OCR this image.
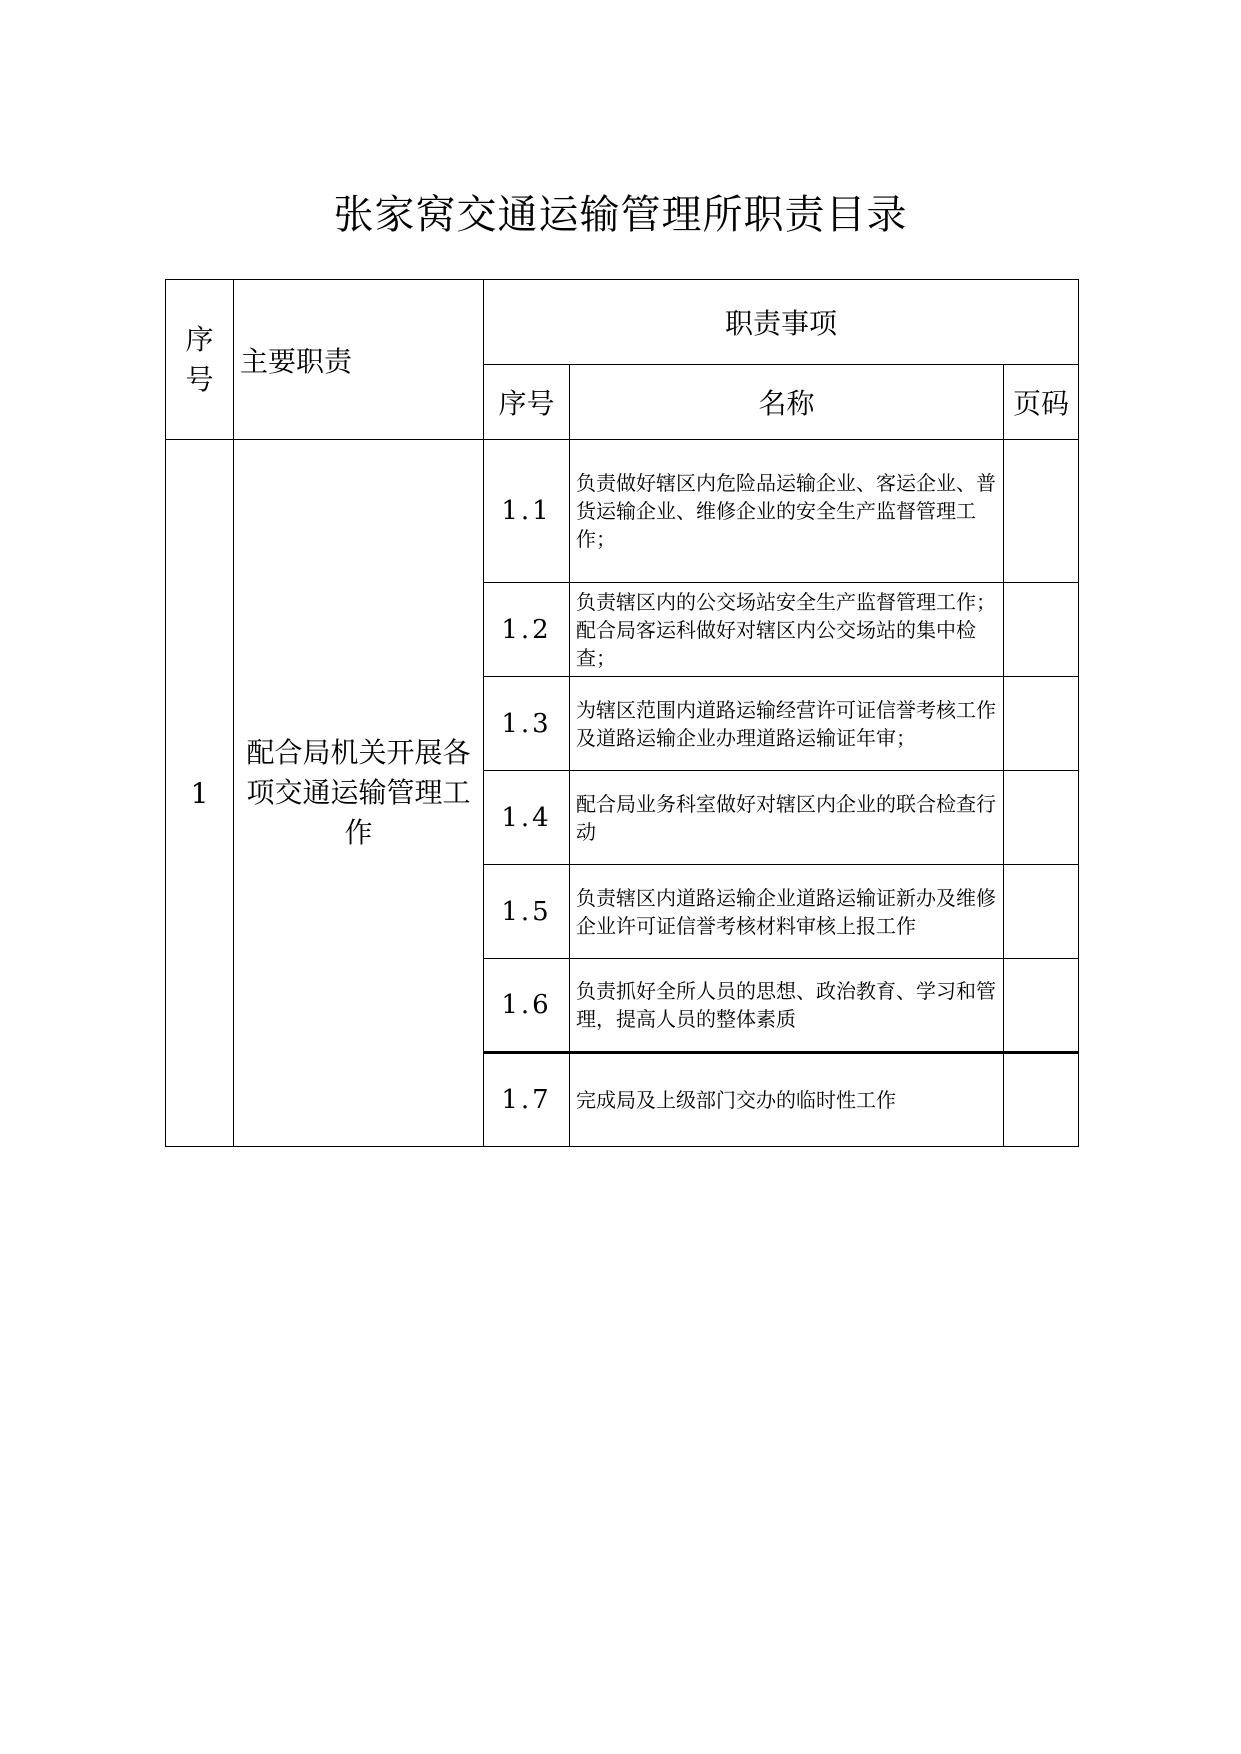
张家窝交通运输管理所职责目录
序号	主要职责	职责事项		
		序号	名称	页码
1	配合局机关开展各项交通运输管理工作	1.1	负责做好辖区内危险品运输企业、客运企业、普货运输企业、维修企业的安全生产监督管理工作；	
		1.2	负责辖区内的公交场站安全生产监督管理工作；配合局客运科做好对辖区内公交场站的集中检查；	
		1.3	为辖区范围内道路运输经营许可证信誉考核工作及道路运输企业办理道路运输证年审；	
		1.4	配合局业务科室做好对辖区内企业的联合检查行动	
		1.5	负责辖区内道路运输企业道路运输证新办及维修企业许可证信誉考核材料审核上报工作	
		1.6	负责抓好全所人员的思想、政治教育、学习和管理，提高人员的整体素质	
		1.7	完成局及上级部门交办的临时性工作	
